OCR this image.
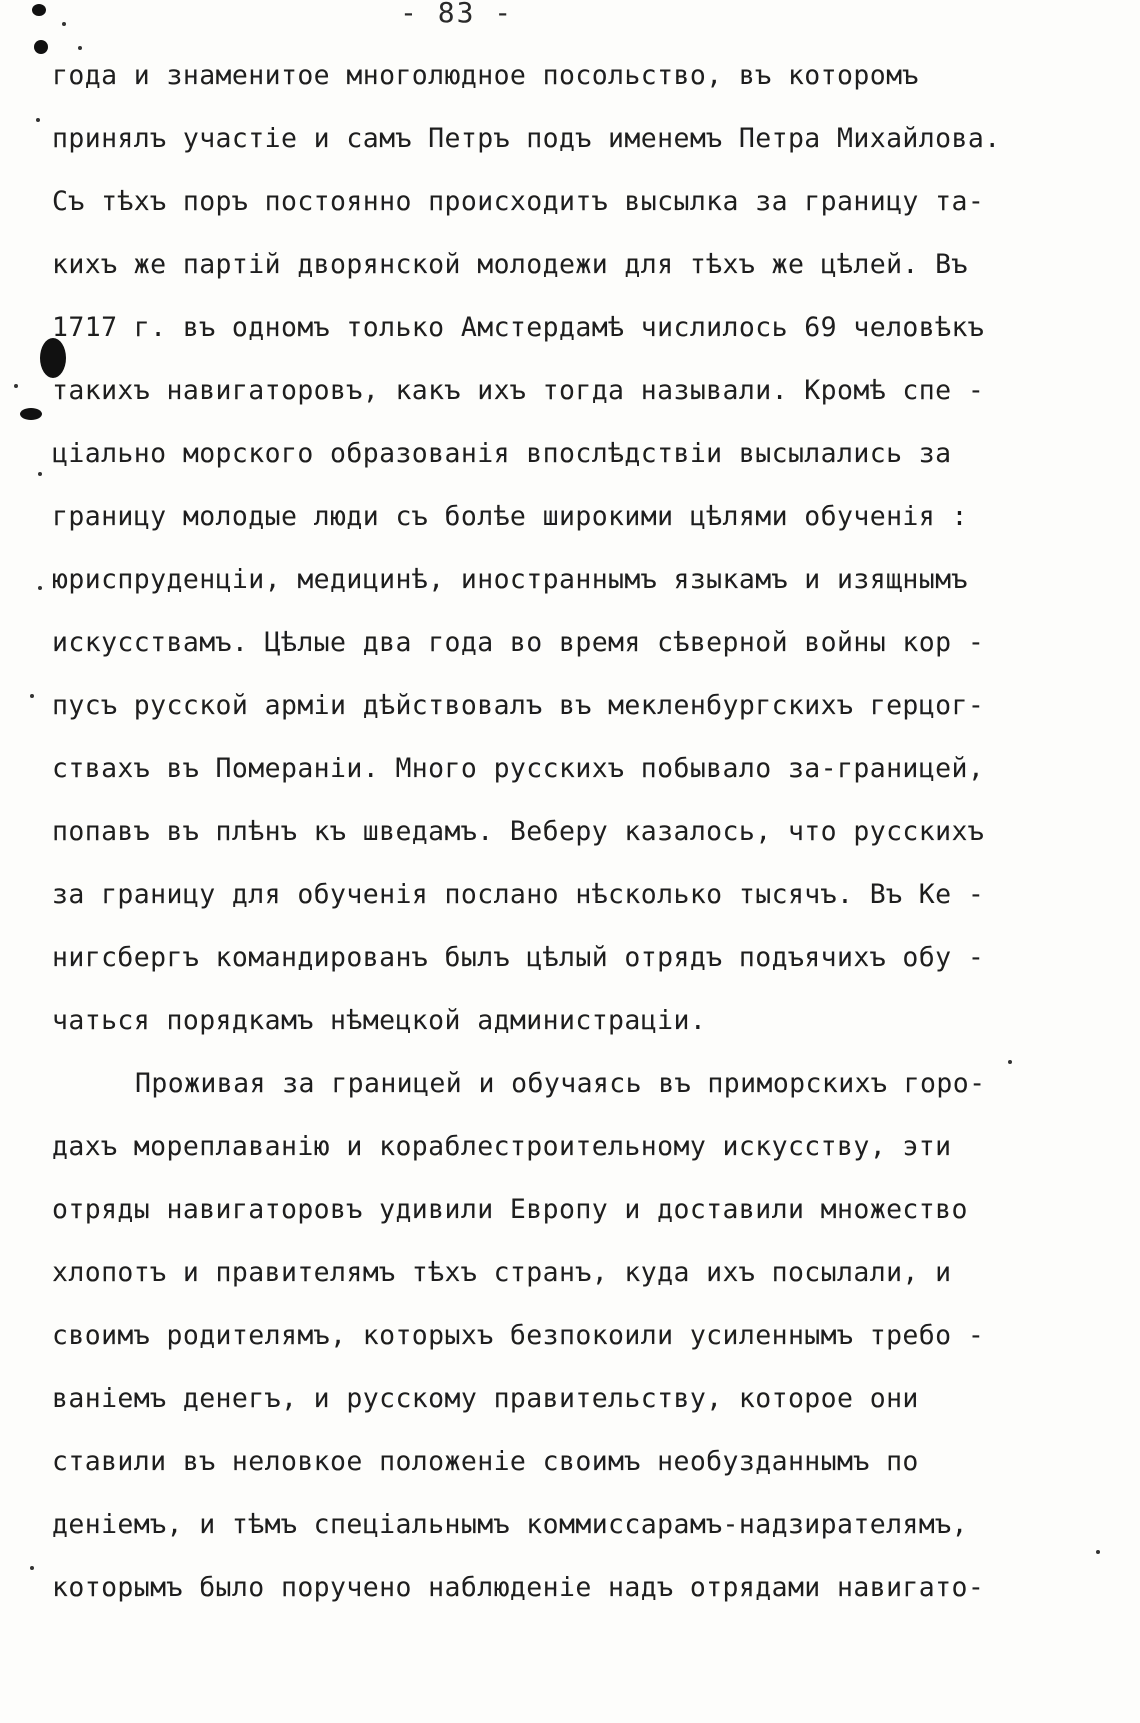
- 83 -
года и знаменитое многолюдное посольство, въ которомъ
принялъ участіе и самъ Петръ подъ именемъ Петра Михайлова.
Съ тѣхъ поръ постоянно происходитъ высылка за границу та-
кихъ же партій дворянской молодежи для тѣхъ же цѣлей. Въ
1717 г. въ одномъ только Амстердамѣ числилось 69 человѣкъ
такихъ навигаторовъ, какъ ихъ тогда называли. Кромѣ спе -
ціально морского образованія впослѣдствіи высылались за
границу молодые люди съ болѣе широкими цѣлями обученія :
юриспруденціи, медицинѣ, иностраннымъ языкамъ и изящнымъ
искусствамъ. Цѣлые два года во время сѣверной войны кор -
пусъ русской арміи дѣйствовалъ въ мекленбургскихъ герцог-
ствахъ въ Помераніи. Много русскихъ побывало за-границей,
попавъ въ плѣнъ къ шведамъ. Веберу казалось, что русскихъ
за границу для обученія послано нѣсколько тысячъ. Въ Ке -
нигсбергъ командированъ былъ цѣлый отрядъ подъячихъ обу -
чаться порядкамъ нѣмецкой администраціи.
Проживая за границей и обучаясь въ приморскихъ горо-
дахъ мореплаванію и кораблестроительному искусству, эти
отряды навигаторовъ удивили Европу и доставили множество
хлопотъ и правителямъ тѣхъ странъ, куда ихъ посылали, и
своимъ родителямъ, которыхъ безпокоили усиленнымъ требо -
ваніемъ денегъ, и русскому правительству, которое они
ставили въ неловкое положеніе своимъ необузданнымъ по
деніемъ, и тѣмъ спеціальнымъ коммиссарамъ-надзирателямъ,
которымъ было поручено наблюденіе надъ отрядами навигато-
